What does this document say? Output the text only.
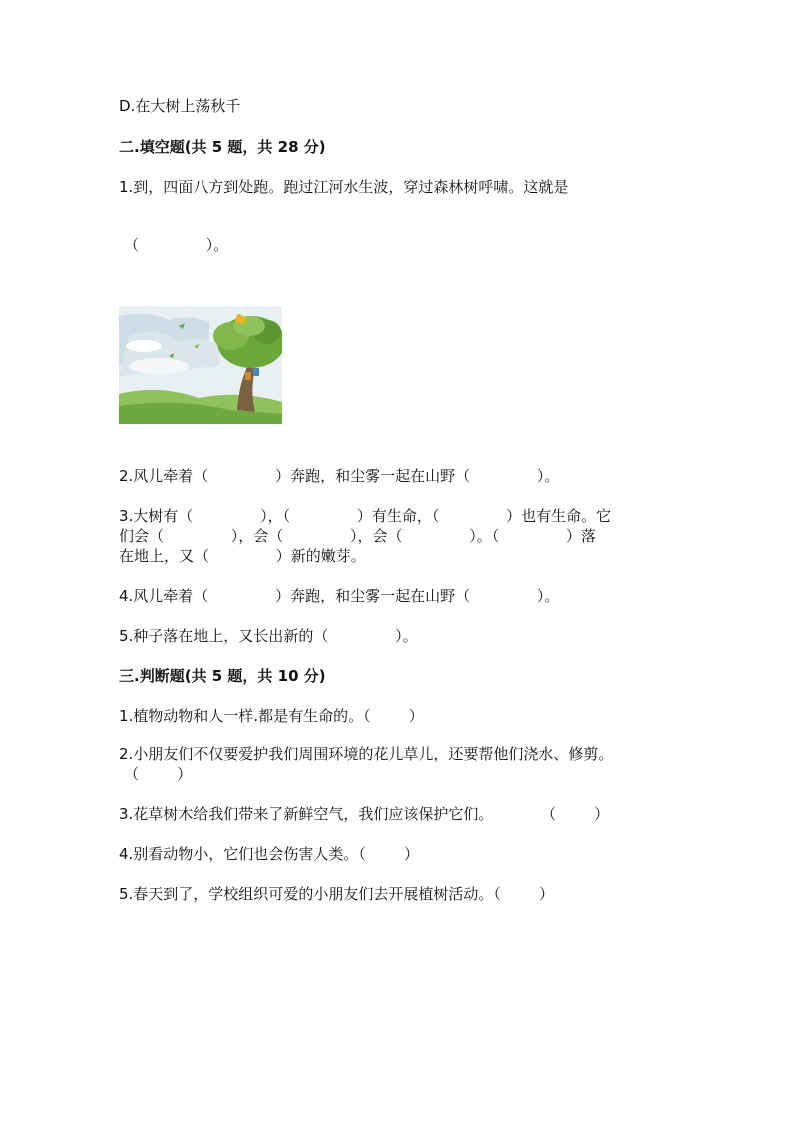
D.在大树上荡秋千
二.填空题(共 5 题，共 28 分)
1.到，四面八方到处跑。跑过江河水生波，穿过森林树呼啸。这就是
（              ）。
2.风儿牵着（              ）奔跑，和尘雾一起在山野（              ）。
3.大树有（              ），（              ）有生命，（              ）也有生命。它
们会（              ），会（              ），会（              ）。（              ）落
在地上，又（              ）新的嫩芽。
4.风儿牵着（              ）奔跑，和尘雾一起在山野（              ）。
5.种子落在地上，又长出新的（              ）。
三.判断题(共 5 题，共 10 分)
1.植物动物和人一样.都是有生命的。（        ）
2.小朋友们不仅要爱护我们周围环境的花儿草儿，还要帮他们浇水、修剪。
（        ）
3.花草树木给我们带来了新鲜空气，我们应该保护它们。          （        ）
4.别看动物小，它们也会伤害人类。（        ）
5.春天到了，学校组织可爱的小朋友们去开展植树活动。（        ）
